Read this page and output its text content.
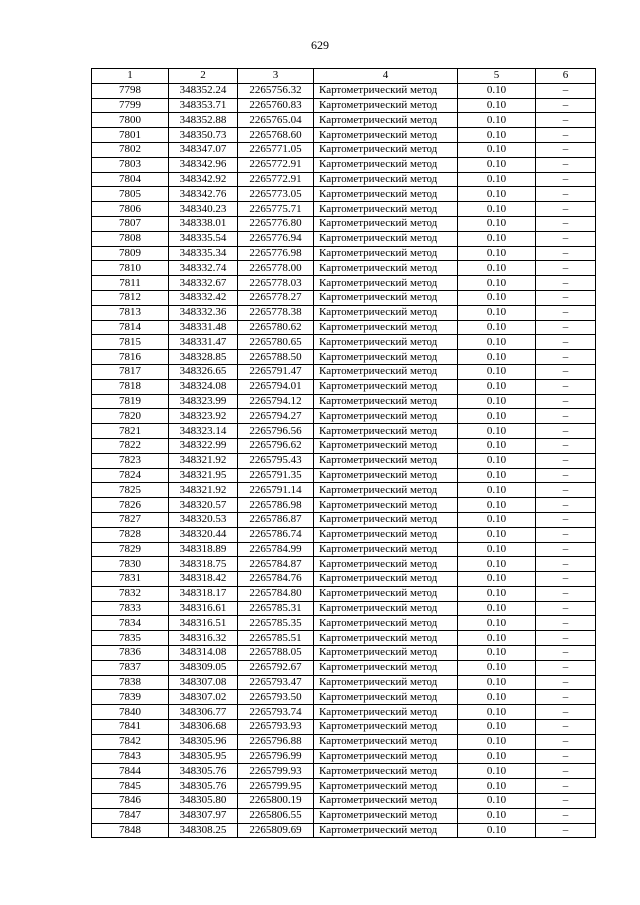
629
1	2	3	4	5	6
7798	348352.24	2265756.32	Картометрический метод	0.10	–
7799	348353.71	2265760.83	Картометрический метод	0.10	–
7800	348352.88	2265765.04	Картометрический метод	0.10	–
7801	348350.73	2265768.60	Картометрический метод	0.10	–
7802	348347.07	2265771.05	Картометрический метод	0.10	–
7803	348342.96	2265772.91	Картометрический метод	0.10	–
7804	348342.92	2265772.91	Картометрический метод	0.10	–
7805	348342.76	2265773.05	Картометрический метод	0.10	–
7806	348340.23	2265775.71	Картометрический метод	0.10	–
7807	348338.01	2265776.80	Картометрический метод	0.10	–
7808	348335.54	2265776.94	Картометрический метод	0.10	–
7809	348335.34	2265776.98	Картометрический метод	0.10	–
7810	348332.74	2265778.00	Картометрический метод	0.10	–
7811	348332.67	2265778.03	Картометрический метод	0.10	–
7812	348332.42	2265778.27	Картометрический метод	0.10	–
7813	348332.36	2265778.38	Картометрический метод	0.10	–
7814	348331.48	2265780.62	Картометрический метод	0.10	–
7815	348331.47	2265780.65	Картометрический метод	0.10	–
7816	348328.85	2265788.50	Картометрический метод	0.10	–
7817	348326.65	2265791.47	Картометрический метод	0.10	–
7818	348324.08	2265794.01	Картометрический метод	0.10	–
7819	348323.99	2265794.12	Картометрический метод	0.10	–
7820	348323.92	2265794.27	Картометрический метод	0.10	–
7821	348323.14	2265796.56	Картометрический метод	0.10	–
7822	348322.99	2265796.62	Картометрический метод	0.10	–
7823	348321.92	2265795.43	Картометрический метод	0.10	–
7824	348321.95	2265791.35	Картометрический метод	0.10	–
7825	348321.92	2265791.14	Картометрический метод	0.10	–
7826	348320.57	2265786.98	Картометрический метод	0.10	–
7827	348320.53	2265786.87	Картометрический метод	0.10	–
7828	348320.44	2265786.74	Картометрический метод	0.10	–
7829	348318.89	2265784.99	Картометрический метод	0.10	–
7830	348318.75	2265784.87	Картометрический метод	0.10	–
7831	348318.42	2265784.76	Картометрический метод	0.10	–
7832	348318.17	2265784.80	Картометрический метод	0.10	–
7833	348316.61	2265785.31	Картометрический метод	0.10	–
7834	348316.51	2265785.35	Картометрический метод	0.10	–
7835	348316.32	2265785.51	Картометрический метод	0.10	–
7836	348314.08	2265788.05	Картометрический метод	0.10	–
7837	348309.05	2265792.67	Картометрический метод	0.10	–
7838	348307.08	2265793.47	Картометрический метод	0.10	–
7839	348307.02	2265793.50	Картометрический метод	0.10	–
7840	348306.77	2265793.74	Картометрический метод	0.10	–
7841	348306.68	2265793.93	Картометрический метод	0.10	–
7842	348305.96	2265796.88	Картометрический метод	0.10	–
7843	348305.95	2265796.99	Картометрический метод	0.10	–
7844	348305.76	2265799.93	Картометрический метод	0.10	–
7845	348305.76	2265799.95	Картометрический метод	0.10	–
7846	348305.80	2265800.19	Картометрический метод	0.10	–
7847	348307.97	2265806.55	Картометрический метод	0.10	–
7848	348308.25	2265809.69	Картометрический метод	0.10	–
